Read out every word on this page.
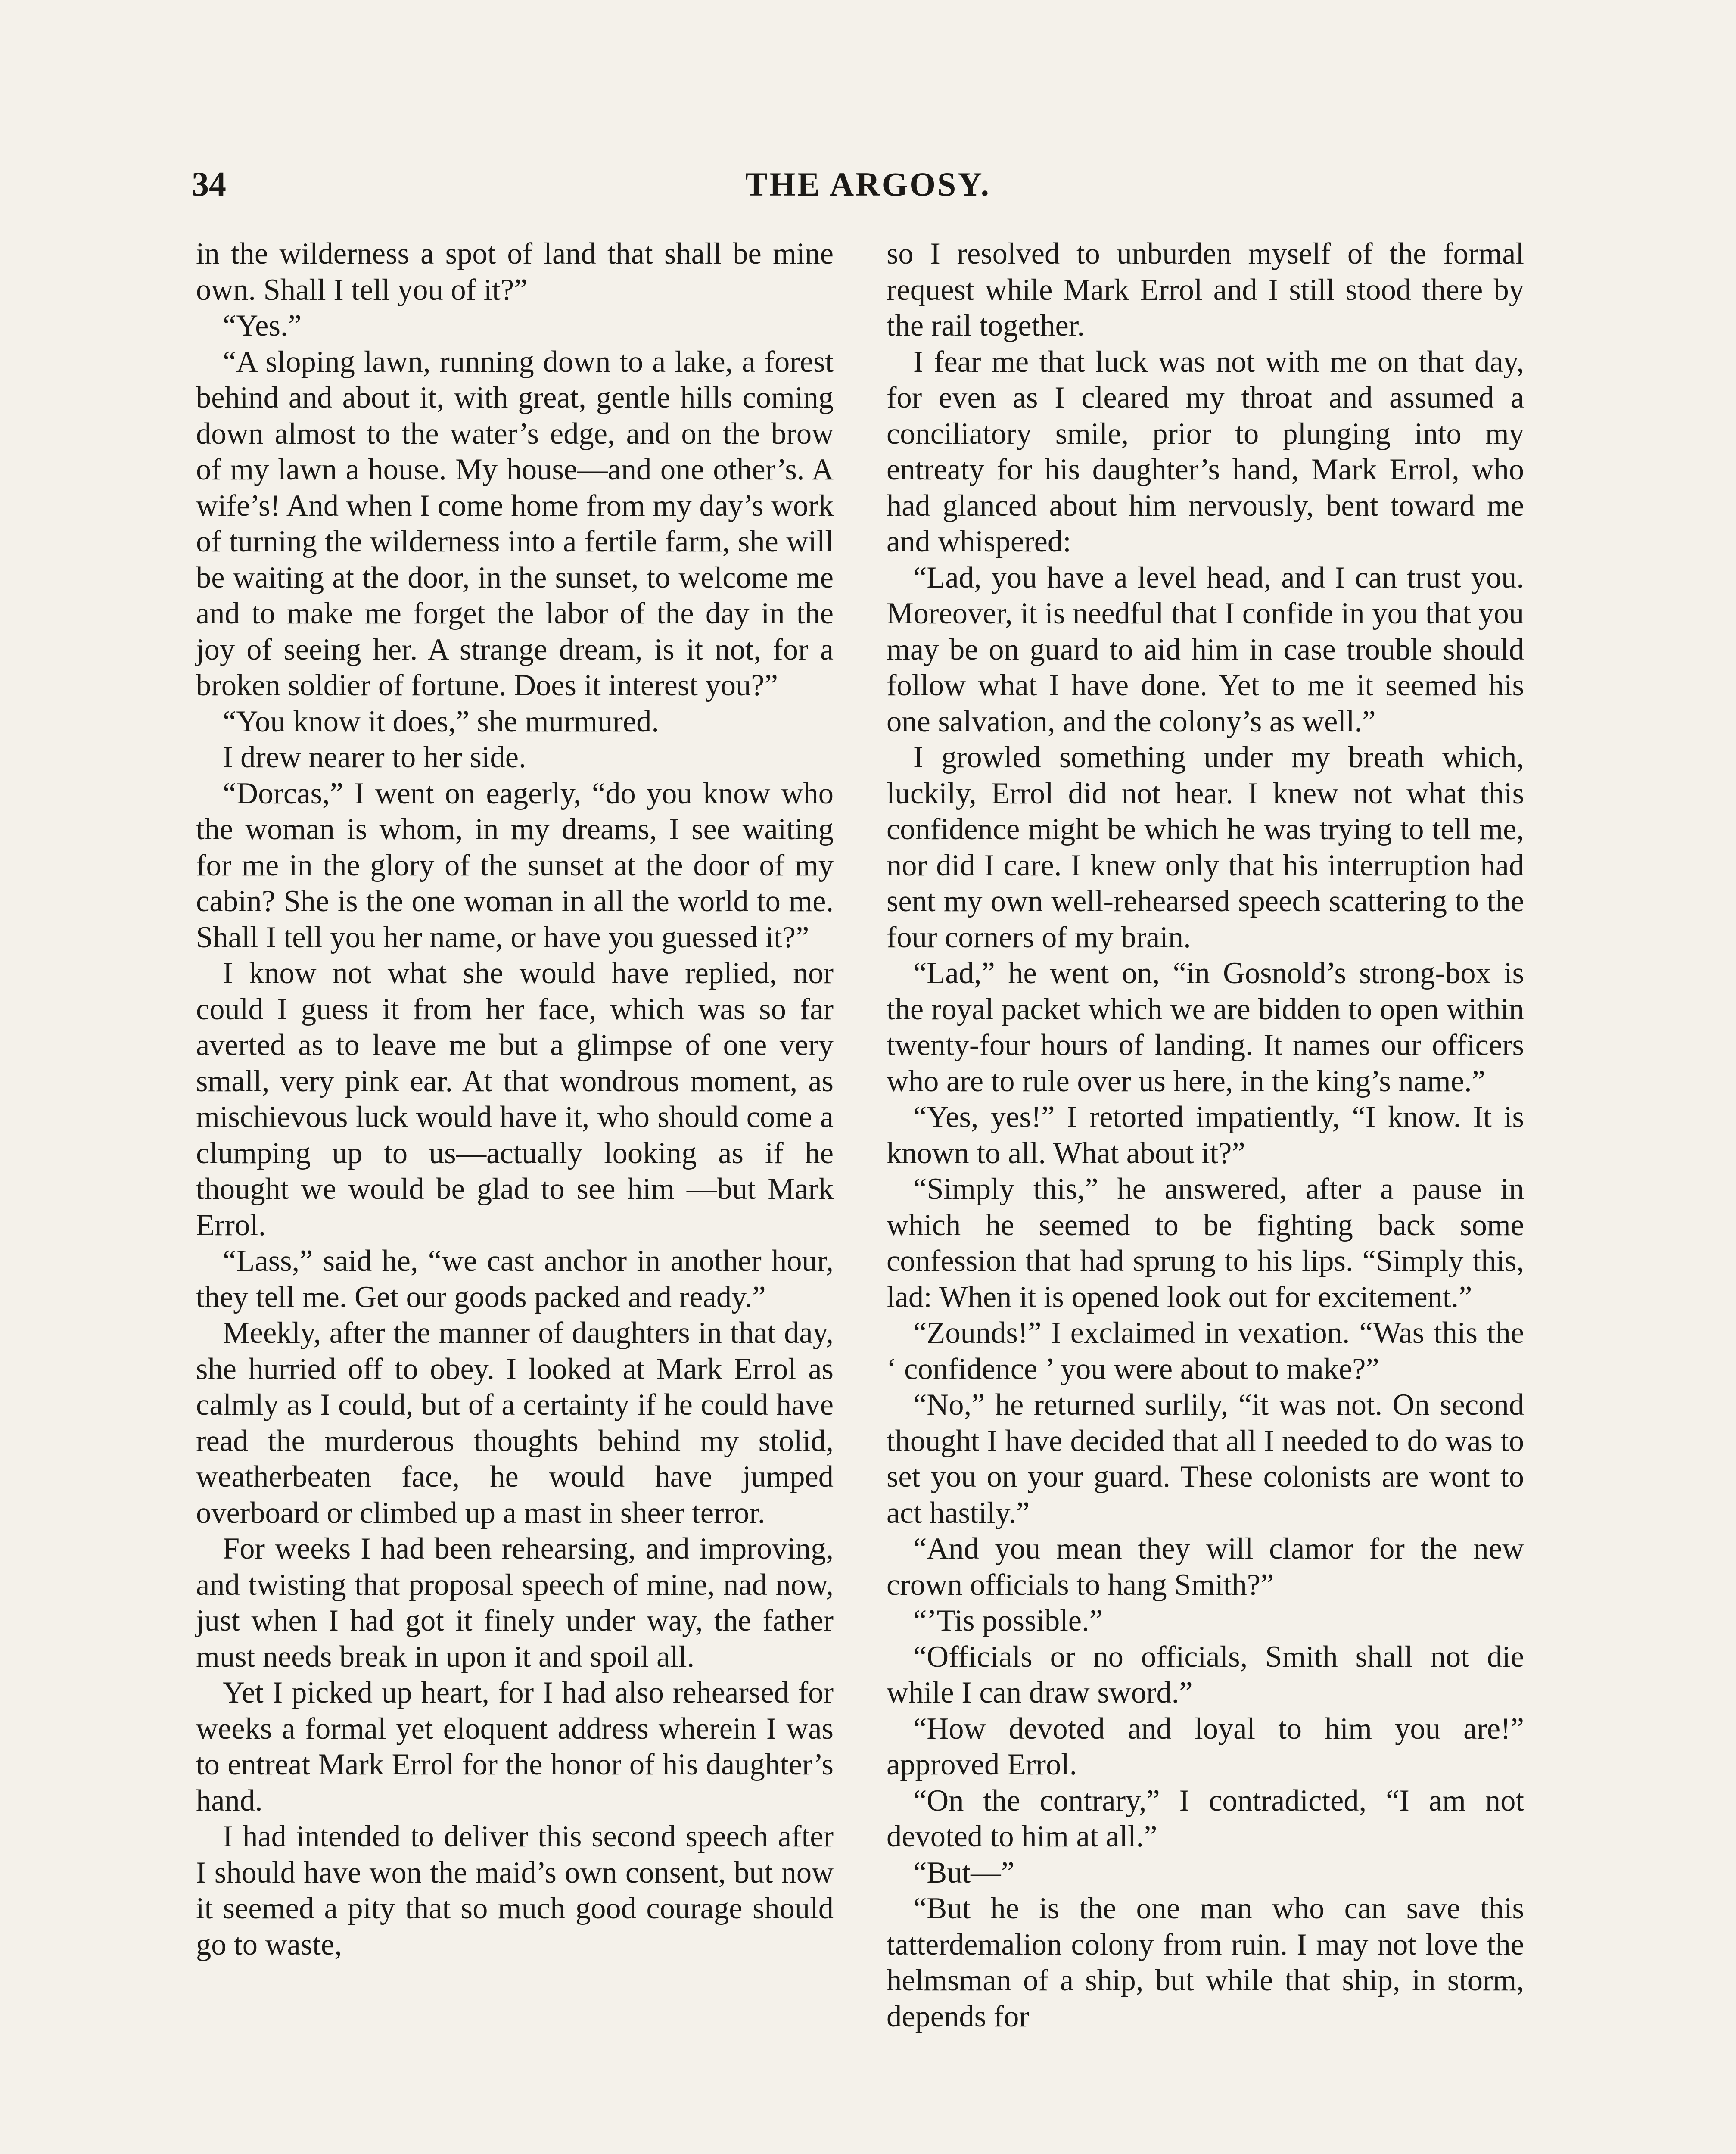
34	THE ARGOSY.

in the wilderness a spot of land that shall be mine own. Shall I tell you of it?”

“Yes.”

“A sloping lawn, running down to a lake, a forest behind and about it, with great, gentle hills coming down almost to the water’s edge, and on the brow of my lawn a house. My house—and one other’s. A wife’s! And when I come home from my day’s work of turning the wilderness into a fertile farm, she will be waiting at the door, in the sunset, to welcome me and to make me forget the labor of the day in the joy of seeing her. A strange dream, is it not, for a broken soldier of fortune. Does it interest you?”

“You know it does,” she murmured.

I drew nearer to her side.

“Dorcas,” I went on eagerly, “do you know who the woman is whom, in my dreams, I see waiting for me in the glory of the sunset at the door of my cabin? She is the one woman in all the world to me. Shall I tell you her name, or have you guessed it?”

I know not what she would have replied, nor could I guess it from her face, which was so far averted as to leave me but a glimpse of one very small, very pink ear. At that wondrous moment, as mischievous luck would have it, who should come a clumping up to us—actually looking as if he thought we would be glad to see him —but Mark Errol.

“Lass,” said he, “we cast anchor in another hour, they tell me. Get our goods packed and ready.”

Meekly, after the manner of daughters in that day, she hurried off to obey. I looked at Mark Errol as calmly as I could, but of a certainty if he could have read the murderous thoughts behind my stolid, weatherbeaten face, he would have jumped overboard or climbed up a mast in sheer terror.

For weeks I had been rehearsing, and improving, and twisting that proposal speech of mine, nad now, just when I had got it finely under way, the father must needs break in upon it and spoil all.

Yet I picked up heart, for I had also rehearsed for weeks a formal yet eloquent address wherein I was to entreat Mark Errol for the honor of his daughter’s hand.

I had intended to deliver this second speech after I should have won the maid’s own consent, but now it seemed a pity that so much good courage should go to waste,

so I resolved to unburden myself of the formal request while Mark Errol and I still stood there by the rail together.

I fear me that luck was not with me on that day, for even as I cleared my throat and assumed a conciliatory smile, prior to plunging into my entreaty for his daughter’s hand, Mark Errol, who had glanced about him nervously, bent toward me and whispered:

“Lad, you have a level head, and I can trust you. Moreover, it is needful that I confide in you that you may be on guard to aid him in case trouble should follow what I have done. Yet to me it seemed his one salvation, and the colony’s as well.”

I growled something under my breath which, luckily, Errol did not hear. I knew not what this confidence might be which he was trying to tell me, nor did I care. I knew only that his interruption had sent my own well-rehearsed speech scattering to the four corners of my brain.

“Lad,” he went on, “in Gosnold’s strong-box is the royal packet which we are bidden to open within twenty-four hours of landing. It names our officers who are to rule over us here, in the king’s name.”

“Yes, yes!” I retorted impatiently, “I know. It is known to all. What about it?”

“Simply this,” he answered, after a pause in which he seemed to be fighting back some confession that had sprung to his lips. “Simply this, lad: When it is opened look out for excitement.”

“Zounds!” I exclaimed in vexation. “Was this the ‘ confidence ’ you were about to make?”

“No,” he returned surlily, “it was not. On second thought I have decided that all I needed to do was to set you on your guard. These colonists are wont to act hastily.”

“And you mean they will clamor for the new crown officials to hang Smith?”

“’Tis possible.”

“Officials or no officials, Smith shall not die while I can draw sword.”

“How devoted and loyal to him you are!” approved Errol.

“On the contrary,” I contradicted, “I am not devoted to him at all.”

“But—”

“But he is the one man who can save this tatterdemalion colony from ruin. I may not love the helmsman of a ship, but while that ship, in storm, depends for
